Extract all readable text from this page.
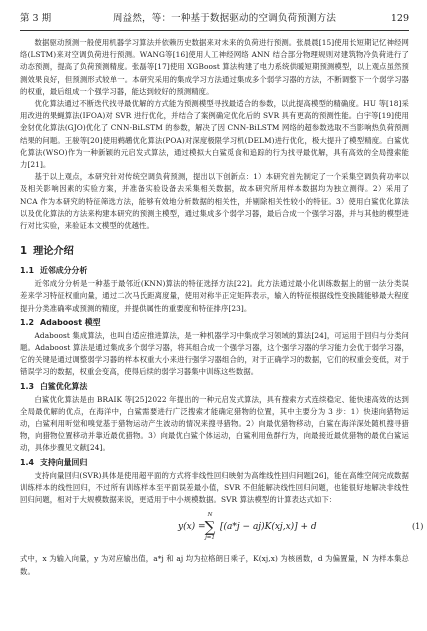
第 3 期	周益然，等：一种基于数据驱动的空调负荷预测方法	129

数据驱动预测一般使用机器学习算法并依赖历史数据来对未来的负荷进行预测。张晨晨[15]使用长短期记忆神经网络(LSTM)来对空调负荷进行预测。WANG等[16]使用人工神经网络 ANN 结合部分物理规则对建筑物冷负荷进行了动态预测，提高了负荷预测精度。张磊等[17]使用 XGBoost 算法构建了电力系统供暖短期预测模型，以上观点虽然预测效果良好，但预测形式较单一。本研究采用的集成学习方法通过集成多个弱学习器的方法，不断调整下一个弱学习器的权重，最后组成一个强学习器，能达到较好的预测精度。

优化算法通过不断迭代找寻最优解的方式能为预测模型寻找最适合的参数，以此提高模型的精确度。HU 等[18]采用改进的果蝇算法(IFOA)对 SVR 进行优化，并结合了案例确定优化后的 SVR 具有更高的预测性能。白宇等[19]使用金豺优化算法(GJO)优化了 CNN-BiLSTM 的参数，解决了因 CNN-BiLSTM 网络的超参数选取不当影响热负荷预测结果的问题。王骏等[20]使用鹈鹕优化算法(POA)对深度极限学习机(DELM)进行优化，极大提升了模型精度。白鲨优化算法(WSO)作为一种新颖的元启发式算法，通过模拟大白鲨觅食和追踪的行为找寻最优解，具有高效的全局搜索能力[21]。

基于以上观点，本研究针对传统空调负荷预测，提出以下创新点：1）本研究首先制定了一个采集空调负荷功率以及相关影响因素的实验方案，并准备实验设备去采集相关数据，故本研究所用样本数据均为独立测得。2）采用了 NCA 作为本研究的特征筛选方法，能够有效地分析数据的相关性，并剔除相关性较小的特征。3）使用白鲨优化算法以及优化算法的方法来构建本研究的预测主模型，通过集成多个弱学习器，最后合成一个强学习器，并与其他的模型进行对比实验，来验证本文模型的优越性。

1 理论介绍
1.1 近邻成分分析

近邻成分分析是一种基于最邻近(KNN)算法的特征选择方法[22]。此方法通过最小化训练数据上的留一法分类误差来学习特征权重向量，通过二次马氏距离度量，使用对称半正定矩阵表示，输入的特征根据线性变换随能够最大程度提升分类准确率或预测的精度，并提供属性的重要度和特征排序[23]。

1.2 Adaboost 模型

Adaboost 集成算法，也叫自适应推进算法，是一种机器学习中集成学习领域的算法[24]，可运用于回归与分类问题。Adaboost 算法是通过集成多个弱学习器，将其组合成一个强学习器，这个强学习器的学习能力会优于弱学习器，它的关键是通过调整弱学习器的样本权重大小来进行强学习器组合的，对于正确学习的数据，它们的权重会变低，对于错误学习的数据，权重会变高，使得后续的弱学习器集中训练这些数据。

1.3 白鲨优化算法

白鲨优化算法是由 BRAIK 等[25]2022 年提出的一种元启发式算法，具有搜索方式连续稳定、能快速高效的达到全局最优解的优点，在海洋中，白鲨需要进行广泛搜索才能确定猎物的位置，其中主要分为 3 步：1）快速向猎物运动，白鲨利用听觉和嗅觉基于猎物运动产生波动的情况来搜寻猎物。2）向最优猎物移动，白鲨在海洋深处随机搜寻猎物，向猎物位置移动并靠近最优猎物。3）向最优白鲨个体运动，白鲨利用鱼群行为，向最接近最优猎物的最优白鲨运动，具体步骤见文献[24]。

1.4 支持向量回归

支持向量回归(SVR)具体是使用超平面的方式将非线性回归映射为高维线性回归问题[26]，能在高维空间完成数据训练样本的线性回归，不过所有训练样本至平面误差最小值，SVR 不但能解决线性回归问题，也能很好地解决非线性回归问题，相对于大规模数据来说，更适用于中小规模数据。SVR 算法模型的计算表达式如下：

y(x) =
N
∑
j=1
[(a*j − aj)K(xj,x)] + d	(1)

式中，x 为输入向量，y 为对应输出值，a*j 和 aj 均为拉格朗日乘子，K(xj,x) 为核函数，d 为偏置量，N 为样本集总数。
